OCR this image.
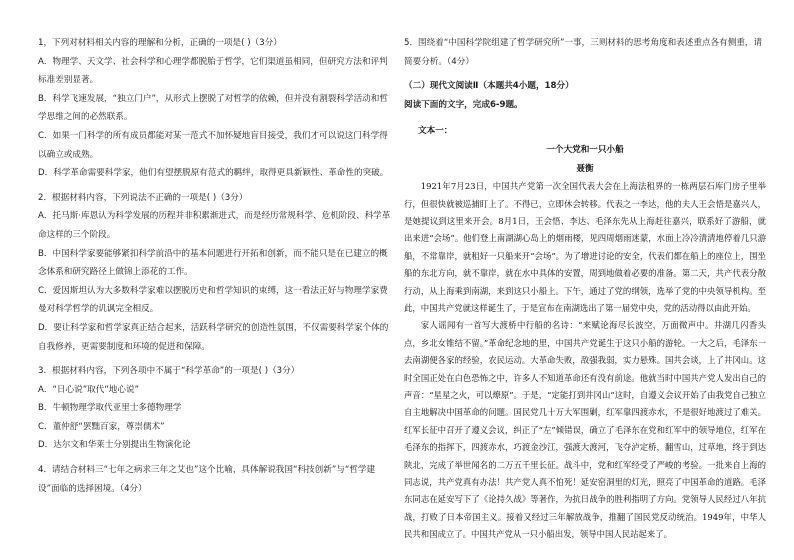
1，下列对材料相关内容的理解和分析，正确的一项是( )（3分）

A．物理学、天文学、社会科学和心理学都脱胎于哲学，它们渠道虽相同，但研究方法和评判标准差别显著。

B．科学飞速发展，“独立门户”，从形式上摆脱了对哲学的依赖，但并没有割裂科学活动和哲学思维之间的必然联系。

C．如果一门科学的所有成员都能对某一范式不加怀疑地盲目接受，我们才可以说这门科学得以确立或成熟。

D．科学革命需要科学家，他们有望摆脱原有范式的羁绊，取得更具新颖性、革命性的突破。

2．根据材料内容，下列说法不正确的一项是( )（3分）

A．托马斯·库恩认为科学发展的历程并非积累渐进式，而是经历常规科学、危机阶段、科学革命这样的三个阶段。

B．中国科学家要能够紧扣科学前沿中的基本问题进行开拓和创新，而不能只是在已建立的概念体系和研究路径上做锦上添花的工作。

C．爱因斯坦认为大多数科学家难以摆脱历史和哲学知识的束缚，这一看法正好与物理学家费曼对科学哲学的讥讽完全相反。

D．要让科学家和哲学家真正结合起来，活跃科学研究的创造性氛围，不仅需要科学家个体的自我修养，更需要制度和环境的促进和保障。

3．根据材料内容，下列各项中不属于“科学革命”的一项是( )（3分）

A．“日心说”取代“地心说”

B．牛顿物理学取代亚里士多德物理学

C．董仲舒“罢黜百家，尊崇儒术”

D．达尔文和华莱士分别提出生物演化论

4．请结合材料三“七年之病求三年之艾也”这个比喻，具体解说我国“科技创新”与“哲学建设”面临的选择困境。（4分）

5．围绕着“中国科学院组建了哲学研究所”一事，三则材料的思考角度和表述重点各有侧重，请简要分析。（4分）

（二）现代文阅读Ⅱ（本题共4小题，18分）

阅读下面的文字，完成6-9题。

文本一：

一个大党和一只小船

聂衡

1921年7月23日，中国共产党第一次全国代表大会在上海法租界的一栋两层石库门房子里举行，但很快就被巡捕盯上了。不得已，立即休会转移。代表之一李达，他的夫人王会悟是嘉兴人，是她提议到这里来开会。8月1日，王会悟、李达、毛泽东先从上海赶往嘉兴，联系好了游船，就出来进“会场”。他们登上南湖湖心岛上的烟雨楼，见四周烟雨迷蒙，水面上冷冷清清地停着几只游船，不常靠岸，就租好一只船来开“会场”。为了增进讨论的安全，代表们都在船上的座位上，围坐船的东北方向，就不靠岸，就在水中具体的安置，周到地做着必要的准备。第二天，共产代表分散行动，从上海乘到南湖，来到这只小船上。下午，通过了党的纲领，选举了党的中央领导机构。至此，中国共产党就这样诞生了，于是宣布在南湖选出了第一届党中央，党的活动得以由此开始。

家人谣闻有一首写大渡桥中行船的名诗：“来赋论海尽长波空，万面微声中。井湖几闪香头点，乡北女锥结不留。”革命纪念地的里，中国共产党诞生于这只小船的游轮。一大之后，毛泽东一去南湖便各家的经验，农民运动。大革命失败，敌强我弱，实力悬殊。国共会谈，上了井冈山。这时全国正处在白色恐怖之中，许多人不知道革命还有没有前途。他就当时中国共产党人发出自己的声音：“星星之火，可以燎原”。于是，“定能打到井冈山”这时，自遵义会议开始了由我党自己独立自主地解决中国革命的问题。国民党几十万大军围剿，红军靠四渡赤水，不是很好地渡过了难关。红军长征中召开了遵义会议，纠正了“左”倾错误，确立了毛泽东在党和红军中的领导地位，红军在毛泽东的指挥下，四渡赤水，巧渡金沙江，强渡大渡河，飞夺泸定桥，翻雪山，过草地，终于到达陕北，完成了举世闻名的二万五千里长征。战斗中，党和红军经受了严峻的考验。一批来自上海的同志说，共产党真有办法！共产党人真不怕死！延安窑洞里的灯光，照亮了中国革命的道路。毛泽东同志在延安写下了《论持久战》等著作，为抗日战争的胜利指明了方向。党领导人民经过八年抗战，打败了日本帝国主义。接着又经过三年解放战争，推翻了国民党反动统治。1949年，中华人民共和国成立了。中国共产党从一只小船出发，领导中国人民站起来了。
